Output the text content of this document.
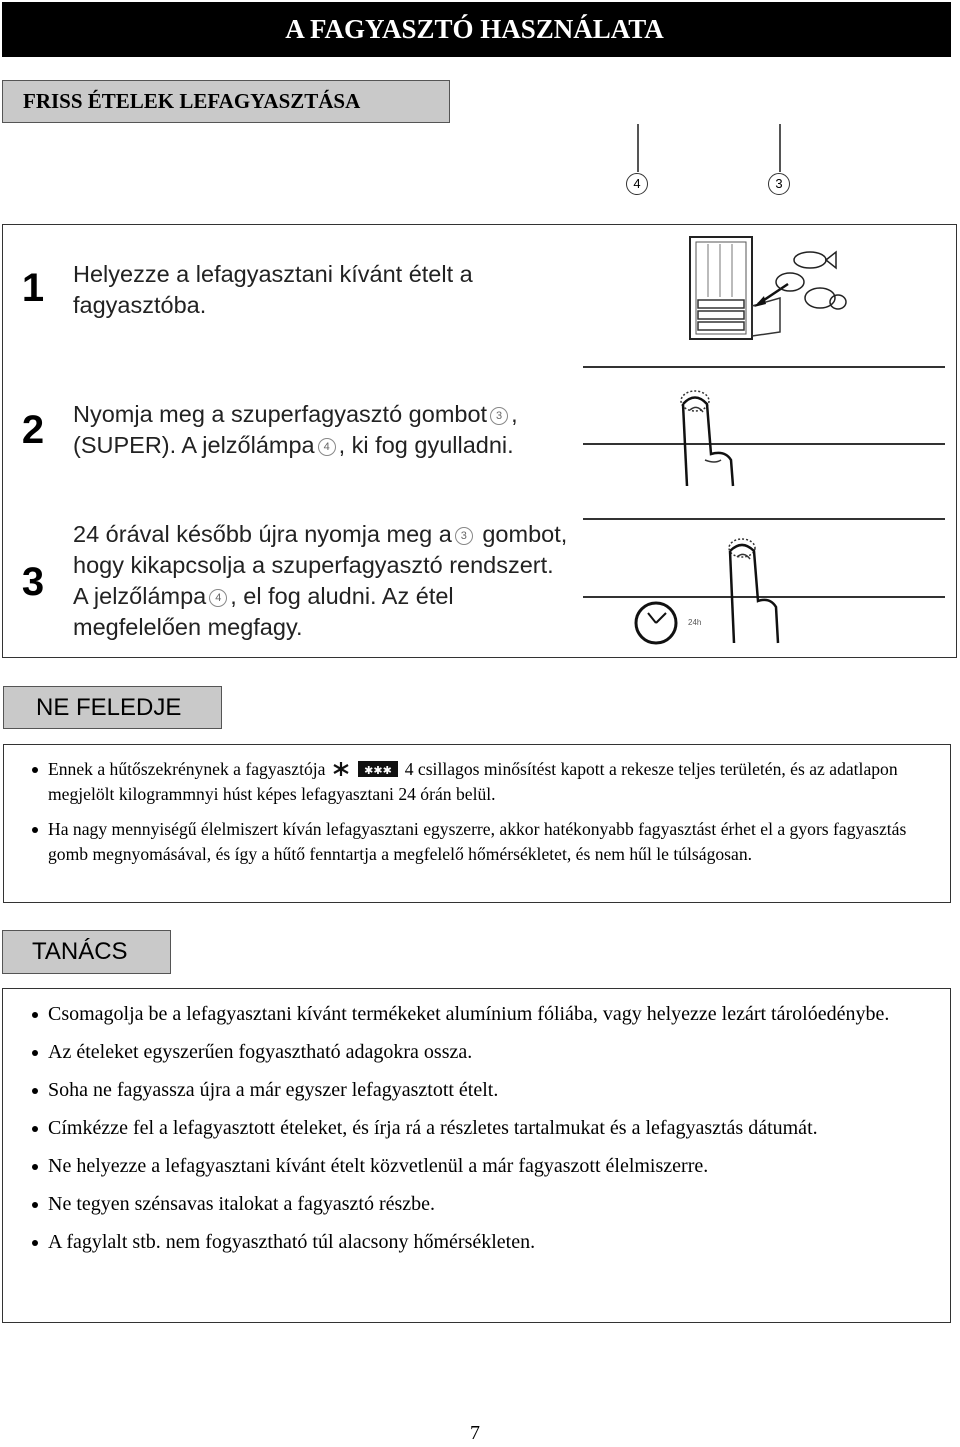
A FAGYASZTÓ HASZNÁLATA
FRISS ÉTELEK LEFAGYASZTÁSA
4	3
1	Helyezze a lefagyasztani kívánt ételt a fagyasztóba.
2	Nyomja meg a szuperfagyasztó gombot 3 , (SUPER). A jelzőlámpa 4 , ki fog gyulladni.
3
24 órával később újra nyomja meg a 3 gombot, hogy kikapcsolja a szuperfagyasztó rendszert. A jelzőlámpa 4 , el fog aludni. Az étel megfelelően megfagy.	24h
NE FELEDJE
Ennek a hűtőszekrénynek a fagyasztója	✱✱✱ 4 csillagos minősítést kapott a rekesze teljes területén, és az adatlapon megjelölt kilogrammnyi húst képes lefagyasztani 24 órán belül.
Ha nagy mennyiségű élelmiszert kíván lefagyasztani egyszerre, akkor hatékonyabb fagyasztást érhet el a gyors fagyasztás gomb megnyomásával, és így a hűtő fenntartja a megfelelő hőmérsékletet, és nem hűl le túlságosan.
TANÁCS
Csomagolja be a lefagyasztani kívánt termékeket alumínium fóliába, vagy helyezze lezárt tárolóedénybe.
Az ételeket egyszerűen fogyasztható adagokra ossza.
Soha ne fagyassza újra a már egyszer lefagyasztott ételt.
Címkézze fel a lefagyasztott ételeket, és írja rá a részletes tartalmukat és a lefagyasztás dátumát.
Ne helyezze a lefagyasztani kívánt ételt közvetlenül a már fagyaszott élelmiszerre.
Ne tegyen szénsavas italokat a fagyasztó részbe.
A fagylalt stb. nem fogyasztható túl alacsony hőmérsékleten.
7
